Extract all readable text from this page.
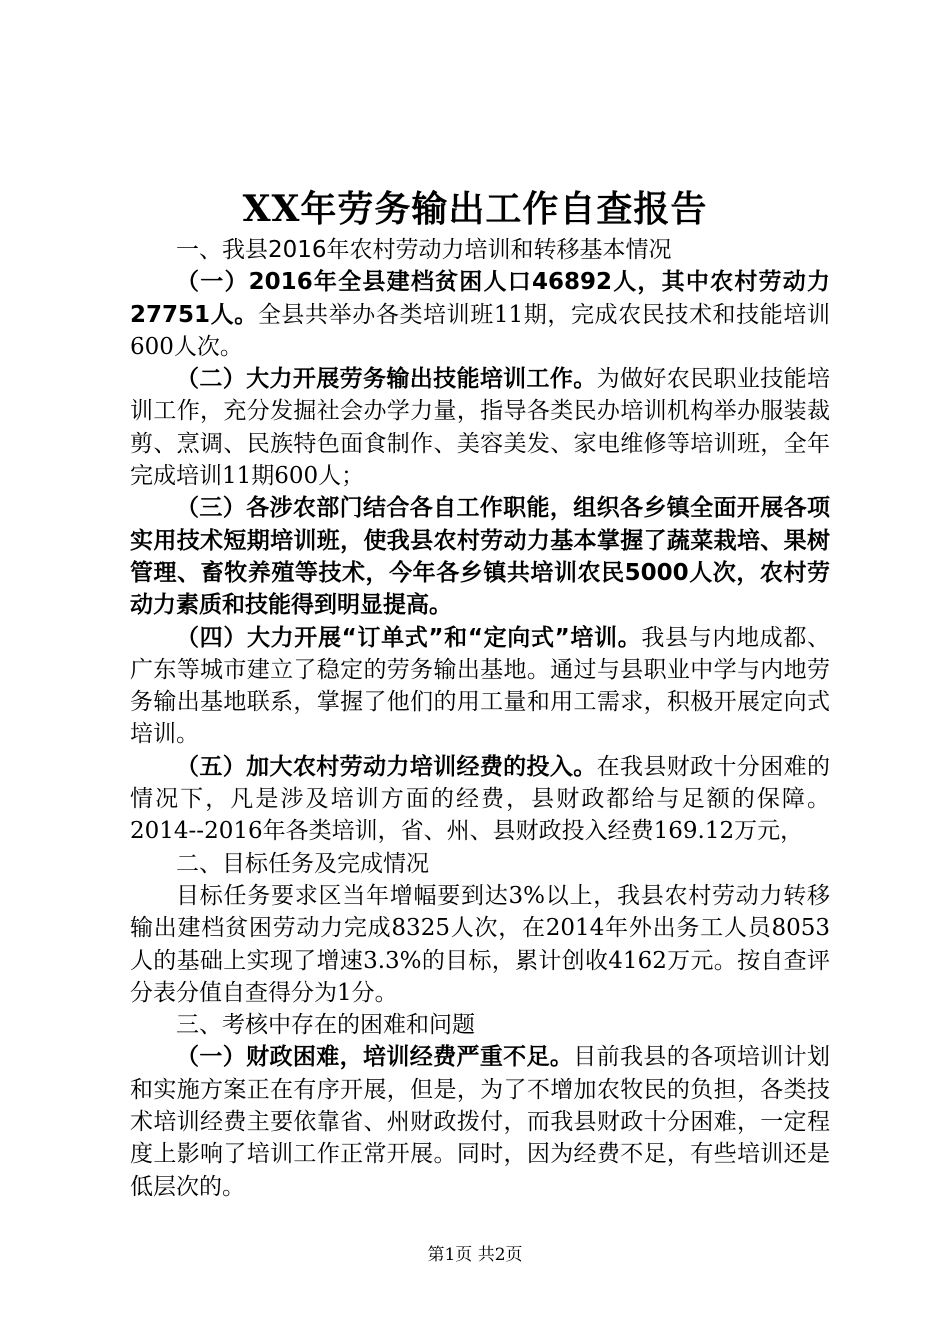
XX年劳务输出工作自查报告

一、我县2016年农村劳动力培训和转移基本情况

（一）2016年全县建档贫困人口46892人，其中农村劳动力27751人。全县共举办各类培训班11期，完成农民技术和技能培训600人次。

（二）大力开展劳务输出技能培训工作。为做好农民职业技能培训工作，充分发掘社会办学力量，指导各类民办培训机构举办服装裁剪、烹调、民族特色面食制作、美容美发、家电维修等培训班，全年完成培训11期600人；

（三）各涉农部门结合各自工作职能，组织各乡镇全面开展各项实用技术短期培训班，使我县农村劳动力基本掌握了蔬菜栽培、果树管理、畜牧养殖等技术，今年各乡镇共培训农民5000人次，农村劳动力素质和技能得到明显提高。

（四）大力开展“订单式”和“定向式”培训。我县与内地成都、广东等城市建立了稳定的劳务输出基地。通过与县职业中学与内地劳务输出基地联系，掌握了他们的用工量和用工需求，积极开展定向式培训。

（五）加大农村劳动力培训经费的投入。在我县财政十分困难的情况下，凡是涉及培训方面的经费，县财政都给与足额的保障。2014--2016年各类培训，省、州、县财政投入经费169.12万元，

二、目标任务及完成情况

目标任务要求区当年增幅要到达3%以上，我县农村劳动力转移输出建档贫困劳动力完成8325人次，在2014年外出务工人员8053人的基础上实现了增速3.3%的目标，累计创收4162万元。按自查评分表分值自查得分为1分。

三、考核中存在的困难和问题

（一）财政困难，培训经费严重不足。目前我县的各项培训计划和实施方案正在有序开展，但是，为了不增加农牧民的负担，各类技术培训经费主要依靠省、州财政拨付，而我县财政十分困难，一定程度上影响了培训工作正常开展。同时，因为经费不足，有些培训还是低层次的。

第1页 共2页
